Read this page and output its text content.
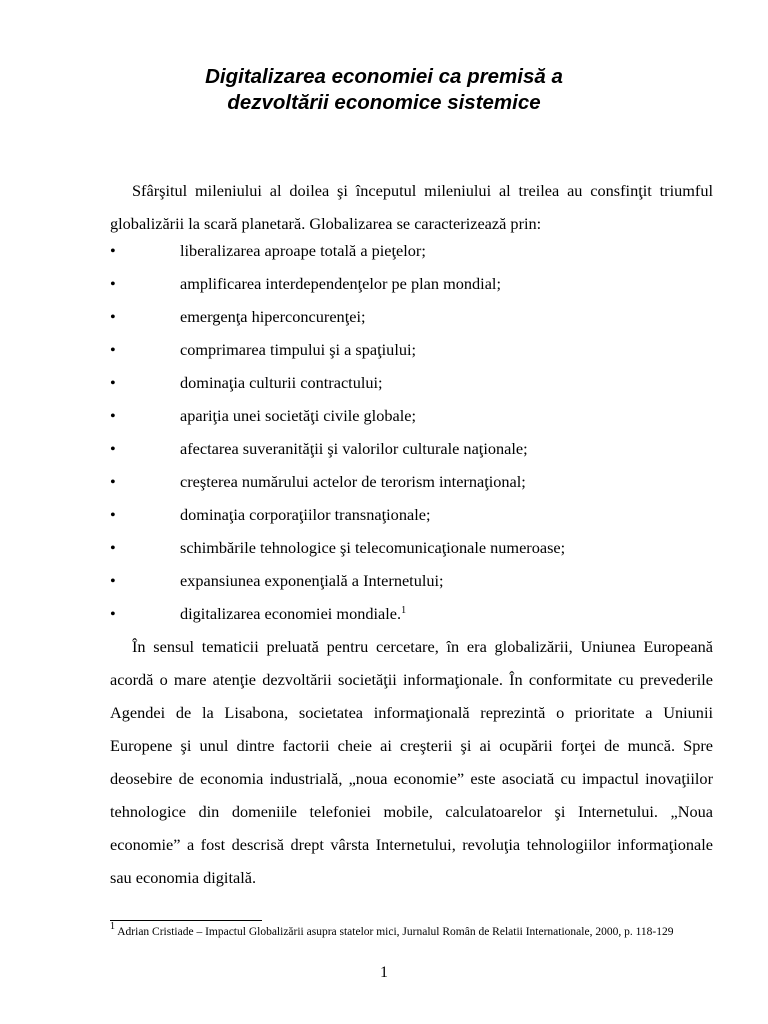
Digitalizarea economiei ca premisă a
dezvoltării economice sistemice

Sfârşitul mileniului al doilea şi începutul mileniului al treilea au consfinţit triumful globalizării la scară planetară. Globalizarea se caracterizează prin:

•	liberalizarea aproape totală a pieţelor;
•	amplificarea interdependenţelor pe plan mondial;
•	emergenţa hiperconcurenţei;
•	comprimarea timpului şi a spaţiului;
•	dominaţia culturii contractului;
•	apariţia unei societăţi civile globale;
•	afectarea suveranităţii şi valorilor culturale naţionale;
•	creşterea numărului actelor de terorism internaţional;
•	dominaţia corporaţiilor transnaţionale;
•	schimbările tehnologice şi telecomunicaţionale numeroase;
•	expansiunea exponenţială a Internetului;
•	digitalizarea economiei mondiale.$^1$

În sensul tematicii preluată pentru cercetare, în era globalizării, Uniunea Europeană acordă o mare atenţie dezvoltării societăţii informaţionale. În conformitate cu prevederile Agendei de la Lisabona, societatea informaţională reprezintă o prioritate a Uniunii Europene şi unul dintre factorii cheie ai creşterii şi ai ocupării forţei de muncă. Spre deosebire de economia industrială, „noua economie” este asociată cu impactul inovaţiilor tehnologice din domeniile telefoniei mobile, calculatoarelor şi Internetului. „Noua economie” a fost descrisă drept vârsta Internetului, revoluţia tehnologiilor informaţionale sau economia digitală.

$^1$ Adrian Cristiade – Impactul Globalizării asupra statelor mici, Jurnalul Român de Relatii Internationale, 2000, p. 118-129

1
